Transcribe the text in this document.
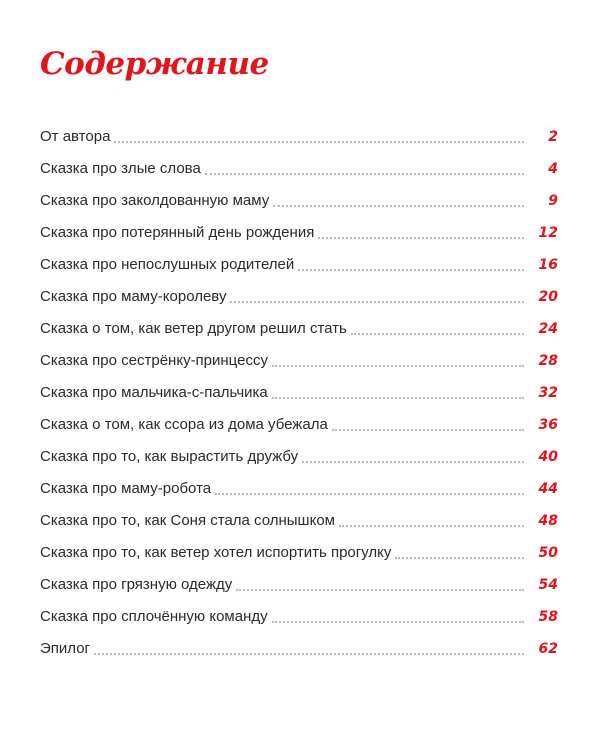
Содержание
От автора	2
Сказка про злые слова	4
Сказка про заколдованную маму	9
Сказка про потерянный день рождения	12
Сказка про непослушных родителей	16
Сказка про маму-королеву	20
Сказка о том, как ветер другом решил стать	24
Сказка про сестрёнку-принцессу	28
Сказка про мальчика-с-пальчика	32
Сказка о том, как ссора из дома убежала	36
Сказка про то, как вырастить дружбу	40
Сказка про маму-робота	44
Сказка про то, как Соня стала солнышком	48
Сказка про то, как ветер хотел испортить прогулку	50
Сказка про грязную одежду	54
Сказка про сплочённую команду	58
Эпилог	62
